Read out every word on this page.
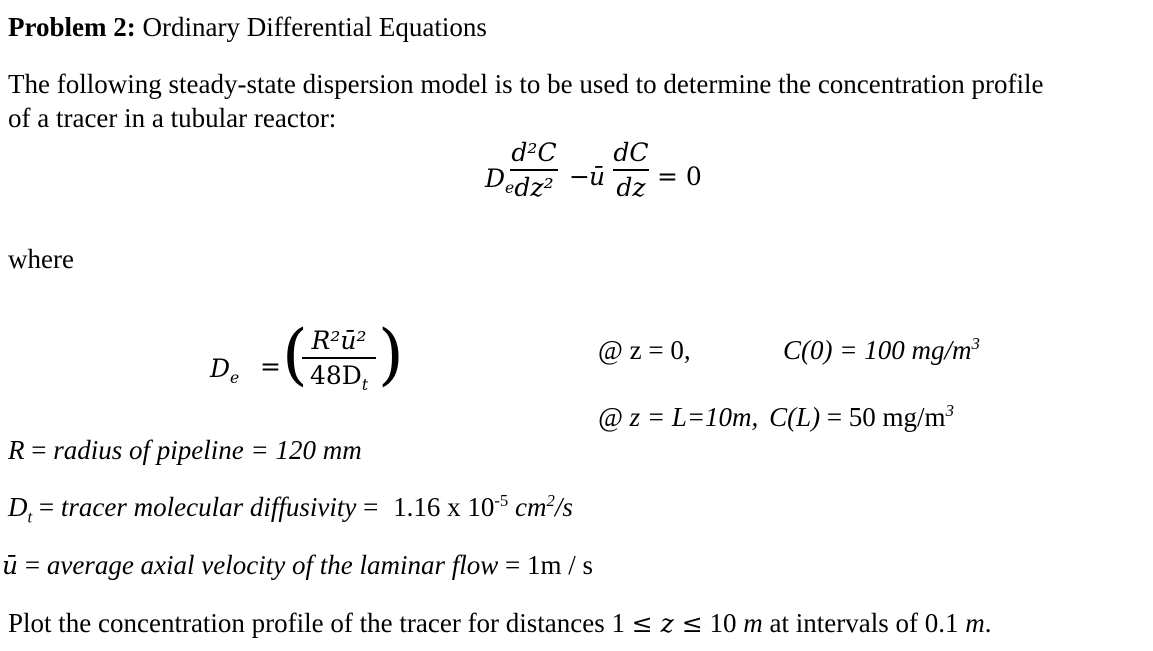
Problem 2: Ordinary Differential Equations
The following steady-state dispersion model is to be used to determine the concentration profile
of a tracer in a tubular reactor:
$D_e$
d²C
dz² − ū
dC
dz = 0
where
$D_e$ = ( R²ū²
$48D_t$ )	@ z = 0,	C(0) = 100 $mg/m^3$
@ z = L=10m, C(L) = 50 $mg/m^3$
R = radius of pipeline = 120 mm
$D_t$ = tracer molecular diffusivity = 1.16 x $10^{-5}$ $cm^2/s$
ū = average axial velocity of the laminar flow = 1m / s
Plot the concentration profile of the tracer for distances 1 ≤ z ≤ 10 m at intervals of 0.1 m.
